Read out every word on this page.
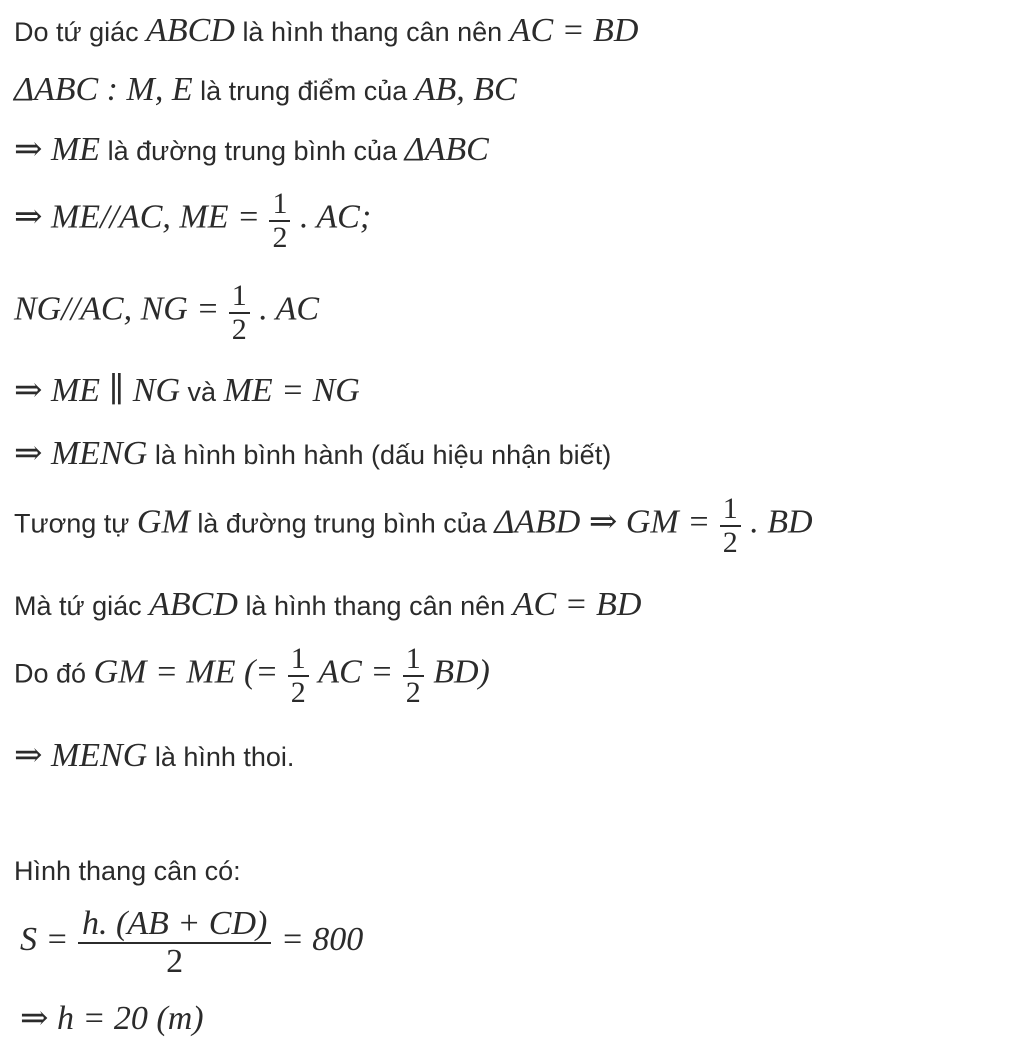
Do tứ giác ABCD là hình thang cân nên AC = BD
ΔABC : M, E là trung điểm của AB, BC
⇒ ME là đường trung bình của ΔABC
⇒ ME//AC, ME = $\frac{1}{2}$ . AC;
NG//AC, NG = $\frac{1}{2}$ . AC
⇒ ME ∥ NG và ME = NG
⇒ MENG là hình bình hành (dấu hiệu nhận biết)
Tương tự GM là đường trung bình của ΔABD ⇒ GM = $\frac{1}{2}$ . BD
Mà tứ giác ABCD là hình thang cân nên AC = BD
Do đó GM = ME (= $\frac{1}{2}$ AC = $\frac{1}{2} BD$)
⇒ MENG là hình thoi.
Hình thang cân có:
$S = \frac{h. (AB + CD)}{2} = 800$
⇒ h = 20 (m)
